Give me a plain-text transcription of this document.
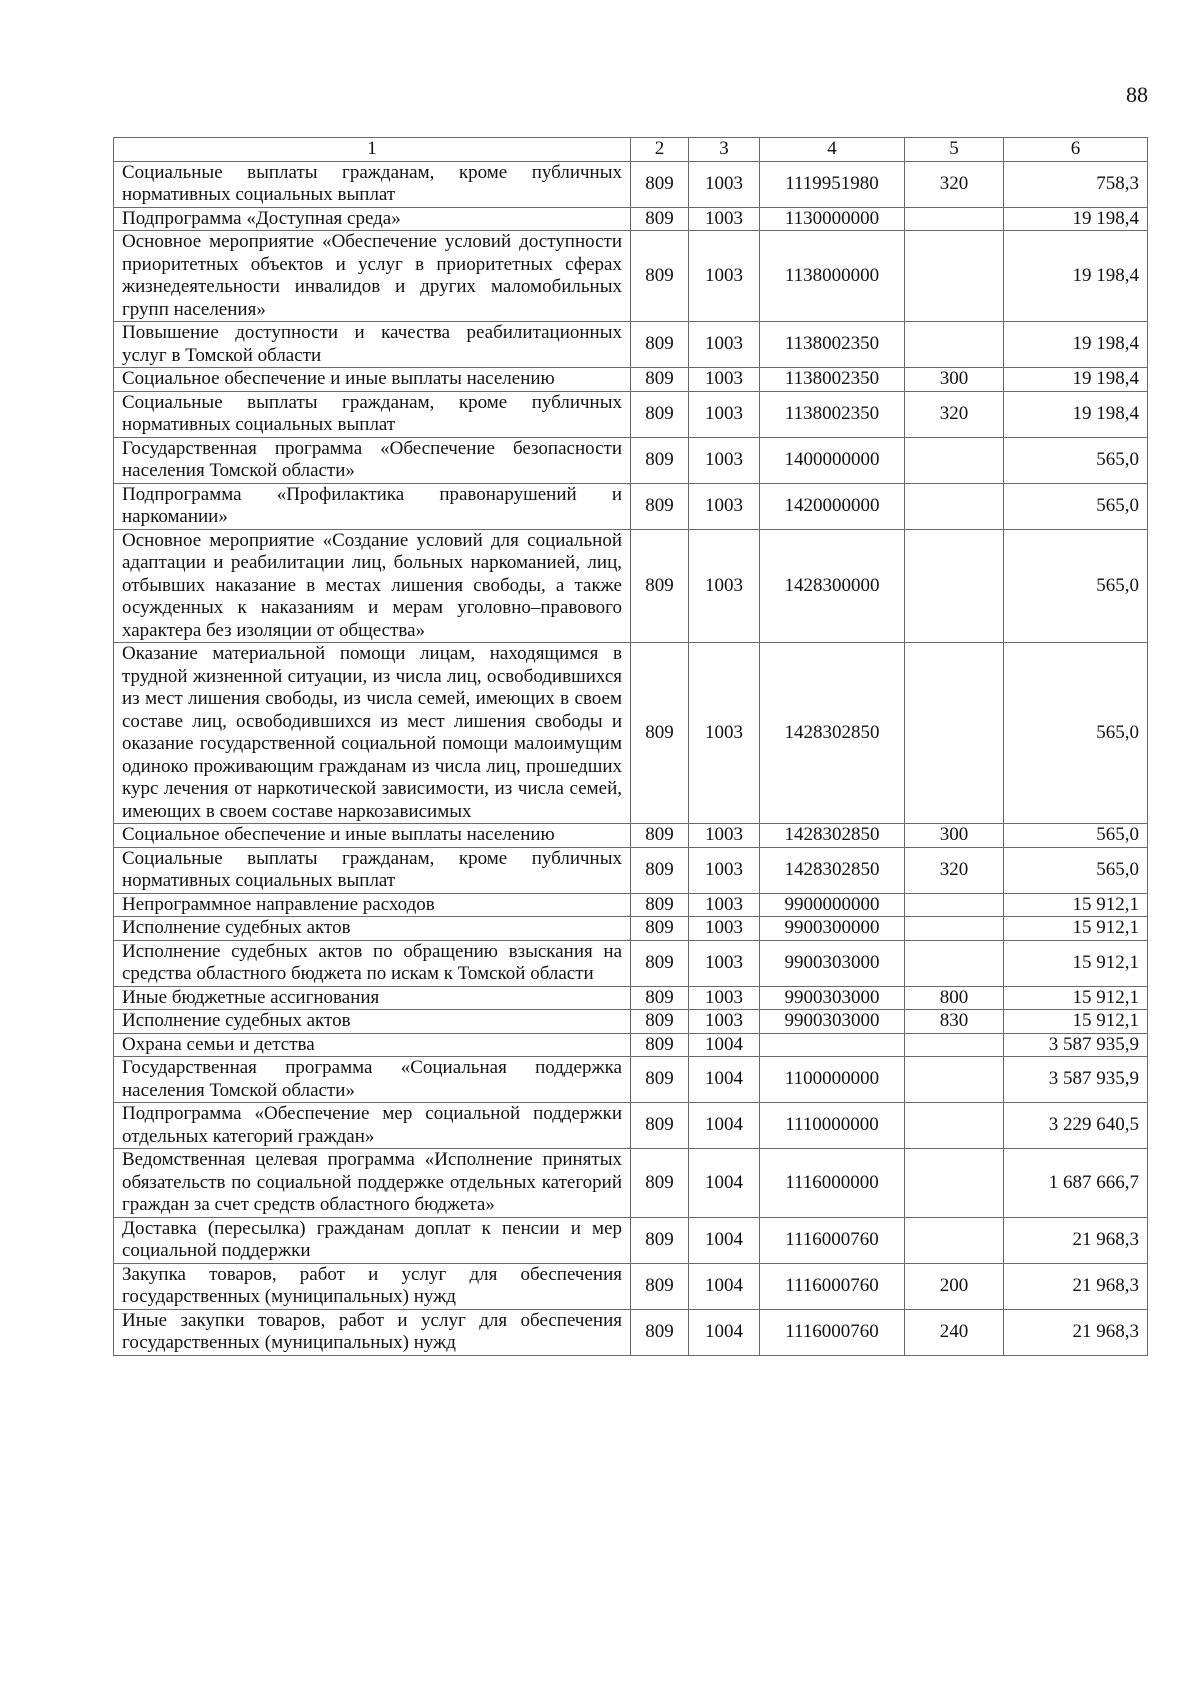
88
1	2	3	4	5	6
Социальные выплаты гражданам, кроме публичных нормативных социальных выплат	809	1003	1119951980	320	758,3
Подпрограмма «Доступная среда»	809	1003	1130000000		19 198,4
Основное мероприятие «Обеспечение условий доступности приоритетных объектов и услуг в приоритетных сферах жизнедеятельности инвалидов и других маломобильных групп населения»	809	1003	1138000000		19 198,4
Повышение доступности и качества реабилитационных услуг в Томской области	809	1003	1138002350		19 198,4
Социальное обеспечение и иные выплаты населению	809	1003	1138002350	300	19 198,4
Социальные выплаты гражданам, кроме публичных нормативных социальных выплат	809	1003	1138002350	320	19 198,4
Государственная программа «Обеспечение безопасности населения Томской области»	809	1003	1400000000		565,0
Подпрограмма «Профилактика правонарушений и наркомании»	809	1003	1420000000		565,0
Основное мероприятие «Создание условий для социальной адаптации и реабилитации лиц, больных наркоманией, лиц, отбывших наказание в местах лишения свободы, а также осужденных к наказаниям и мерам уголовно–правового характера без изоляции от общества»	809	1003	1428300000		565,0
Оказание материальной помощи лицам, находящимся в трудной жизненной ситуации, из числа лиц, освободившихся из мест лишения свободы, из числа семей, имеющих в своем составе лиц, освободившихся из мест лишения свободы и оказание государственной социальной помощи малоимущим одиноко проживающим гражданам из числа лиц, прошедших курс лечения от наркотической зависимости, из числа семей, имеющих в своем составе наркозависимых	809	1003	1428302850		565,0
Социальное обеспечение и иные выплаты населению	809	1003	1428302850	300	565,0
Социальные выплаты гражданам, кроме публичных нормативных социальных выплат	809	1003	1428302850	320	565,0
Непрограммное направление расходов	809	1003	9900000000		15 912,1
Исполнение судебных актов	809	1003	9900300000		15 912,1
Исполнение судебных актов по обращению взыскания на средства областного бюджета по искам к Томской области	809	1003	9900303000		15 912,1
Иные бюджетные ассигнования	809	1003	9900303000	800	15 912,1
Исполнение судебных актов	809	1003	9900303000	830	15 912,1
Охрана семьи и детства	809	1004			3 587 935,9
Государственная программа «Социальная поддержка населения Томской области»	809	1004	1100000000		3 587 935,9
Подпрограмма «Обеспечение мер социальной поддержки отдельных категорий граждан»	809	1004	1110000000		3 229 640,5
Ведомственная целевая программа «Исполнение принятых обязательств по социальной поддержке отдельных категорий граждан за счет средств областного бюджета»	809	1004	1116000000		1 687 666,7
Доставка (пересылка) гражданам доплат к пенсии и мер социальной поддержки	809	1004	1116000760		21 968,3
Закупка товаров, работ и услуг для обеспечения государственных (муниципальных) нужд	809	1004	1116000760	200	21 968,3
Иные закупки товаров, работ и услуг для обеспечения государственных (муниципальных) нужд	809	1004	1116000760	240	21 968,3
